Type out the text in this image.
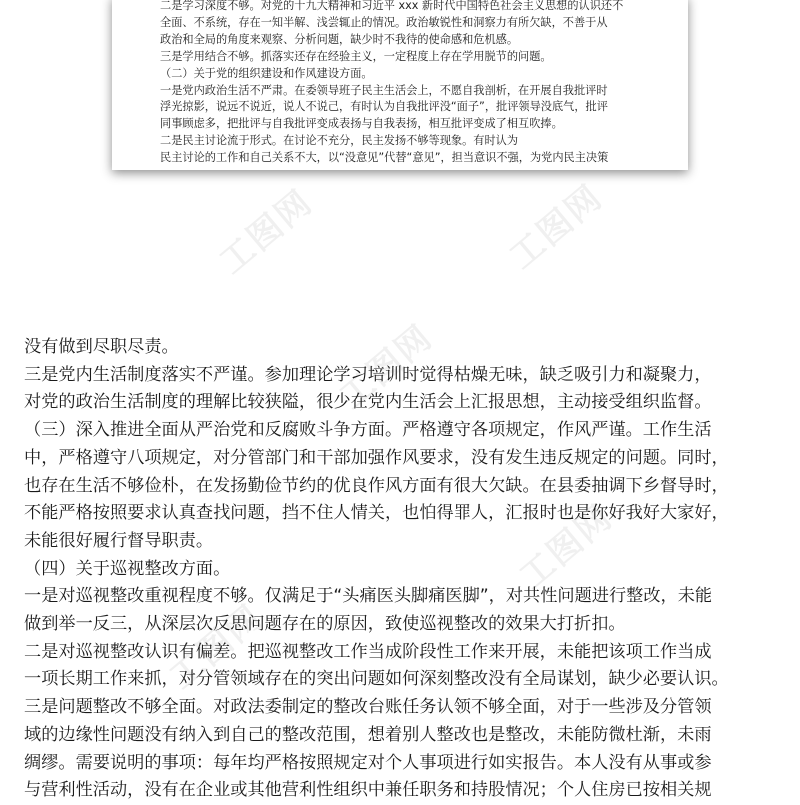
二是学习深度不够。对党的十九大精神和习近平 xxx 新时代中国特色社会主义思想的认识还不
全面、不系统，存在一知半解、浅尝辄止的情况。政治敏锐性和洞察力有所欠缺，不善于从
政治和全局的角度来观察、分析问题，缺少时不我待的使命感和危机感。
三是学用结合不够。抓落实还存在经验主义，一定程度上存在学用脱节的问题。
（二）关于党的组织建设和作风建设方面。
一是党内政治生活不严肃。在委领导班子民主生活会上，不愿自我剖析，在开展自我批评时
浮光掠影，说远不说近，说人不说己，有时认为自我批评没“面子”，批评领导没底气，批评
同事顾虑多，把批评与自我批评变成表扬与自我表扬，相互批评变成了相互吹捧。
二是民主讨论流于形式。在讨论不充分，民主发扬不够等现象。有时认为
民主讨论的工作和自己关系不大，以“没意见”代替“意见”，担当意识不强，为党内民主决策
工图网	工图网
工图网
工图网
工图网
没有做到尽职尽责。
三是党内生活制度落实不严谨。参加理论学习培训时觉得枯燥无味，缺乏吸引力和凝聚力，
对党的政治生活制度的理解比较狭隘，很少在党内生活会上汇报思想，主动接受组织监督。
（三）深入推进全面从严治党和反腐败斗争方面。严格遵守各项规定，作风严谨。工作生活
中，严格遵守八项规定，对分管部门和干部加强作风要求，没有发生违反规定的问题。同时，
也存在生活不够俭朴，在发扬勤俭节约的优良作风方面有很大欠缺。在县委抽调下乡督导时，
不能严格按照要求认真查找问题，挡不住人情关，也怕得罪人，汇报时也是你好我好大家好，
未能很好履行督导职责。
（四）关于巡视整改方面。
一是对巡视整改重视程度不够。仅满足于“头痛医头脚痛医脚”，对共性问题进行整改，未能
做到举一反三，从深层次反思问题存在的原因，致使巡视整改的效果大打折扣。
二是对巡视整改认识有偏差。把巡视整改工作当成阶段性工作来开展，未能把该项工作当成
一项长期工作来抓，对分管领域存在的突出问题如何深刻整改没有全局谋划，缺少必要认识。
三是问题整改不够全面。对政法委制定的整改台账任务认领不够全面，对于一些涉及分管领
域的边缘性问题没有纳入到自己的整改范围，想着别人整改也是整改，未能防微杜渐，未雨
绸缪。需要说明的事项：每年均严格按照规定对个人事项进行如实报告。本人没有从事或参
与营利性活动，没有在企业或其他营利性组织中兼任职务和持股情况；个人住房已按相关规
